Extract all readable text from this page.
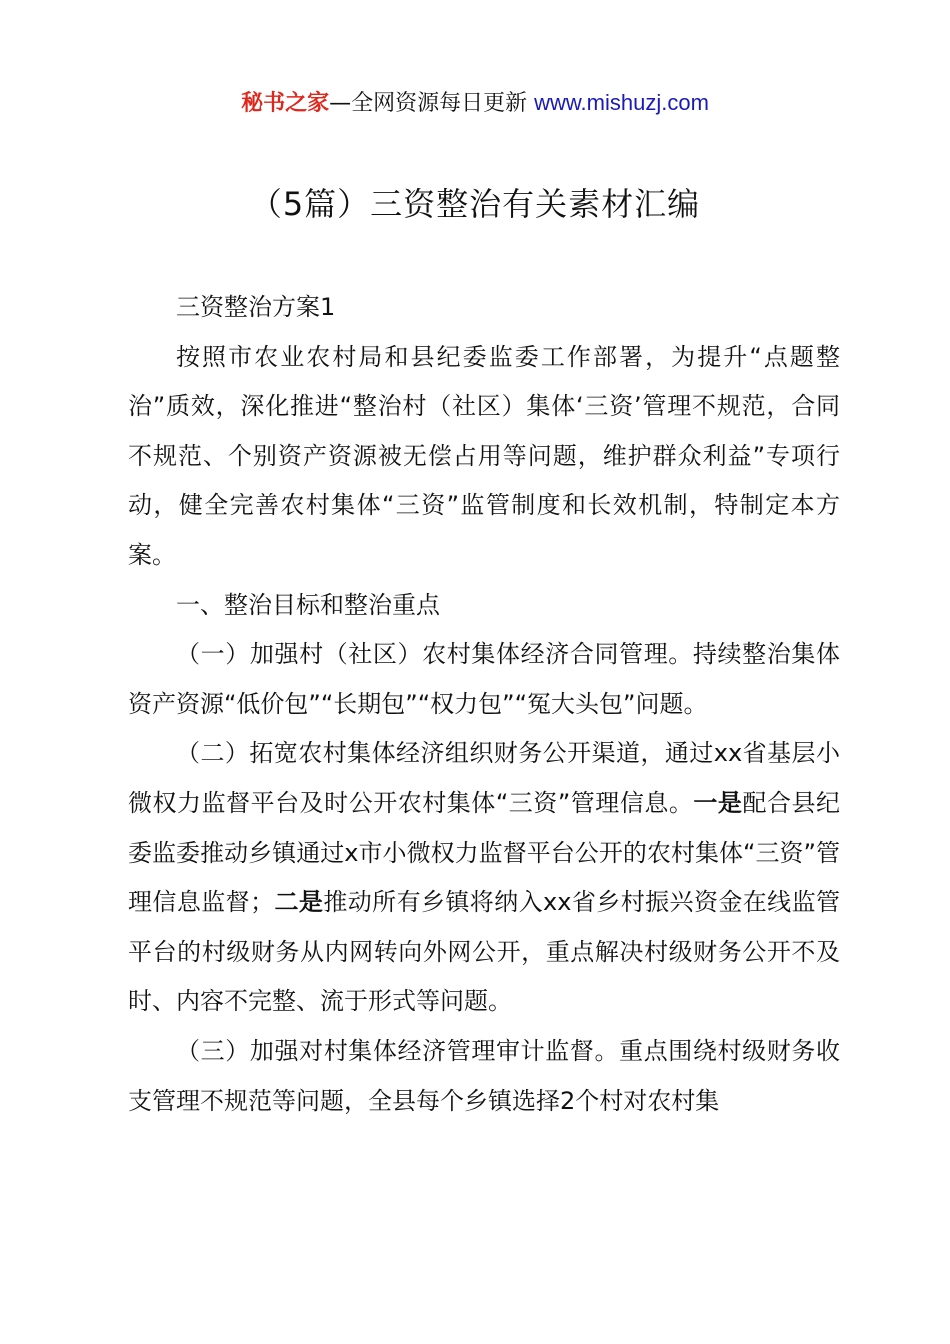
秘书之家—全网资源每日更新 www.mishuzj.com
（5篇）三资整治有关素材汇编

三资整治方案1

按照市农业农村局和县纪委监委工作部署，为提升“点题整治”质效，深化推进“整治村（社区）集体‘三资’管理不规范，合同不规范、个别资产资源被无偿占用等问题，维护群众利益”专项行动，健全完善农村集体“三资”监管制度和长效机制，特制定本方案。

一、整治目标和整治重点

（一）加强村（社区）农村集体经济合同管理。持续整治集体资产资源“低价包”“长期包”“权力包”“冤大头包”问题。

（二）拓宽农村集体经济组织财务公开渠道，通过xx省基层小微权力监督平台及时公开农村集体“三资”管理信息。一是配合县纪委监委推动乡镇通过x市小微权力监督平台公开的农村集体“三资”管理信息监督；二是推动所有乡镇将纳入xx省乡村振兴资金在线监管平台的村级财务从内网转向外网公开，重点解决村级财务公开不及时、内容不完整、流于形式等问题。

（三）加强对村集体经济管理审计监督。重点围绕村级财务收支管理不规范等问题，全县每个乡镇选择2个村对农村集
